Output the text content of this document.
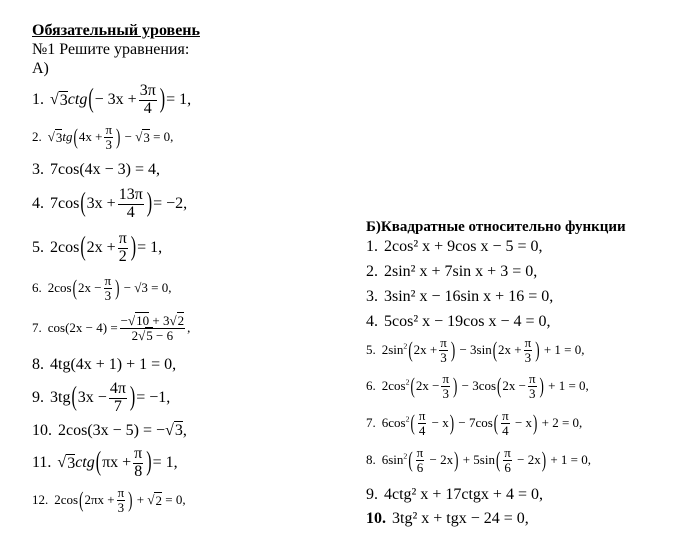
Обязательный уровень
№1 Решите уравнения:
А)
Б)Квадратные относительно функции
1. √ 3 ctg ( − $3x + \frac{3\pi}{4}$ ) = 1,
2. √ 3 tg ( $4x + \frac{\pi}{3}$ ) − √ 3
= 0,
3. 7cos(4x − 3) = 4,
4. 7cos ( $3x + \frac{13\pi}{4}$ ) = −2,
5. 2cos ( $2x + \frac{\pi}{2}$ ) = 1,
6. 2cos ( $2x - \frac{\pi}{3}$ ) − √3 = 0,
7. $\cos(2x - 4) = \frac{-√10 + 3√2}{2√5 - 6}$ ,
8. 4tg(4x + 1) + 1 = 0,
9. 3tg ( $3x - \frac{4\pi}{7}$ ) = −1,
10. 2cos(3x − 5) = − √ 3 ,
11. √ 3 ctg ( $\pi x + \frac{\pi}{8}$ ) = 1,
12. 2cos ( $2\pi x + \frac{\pi}{3}$ ) + √ 2
= 0,
1. 2cos² x + 9cos x − 5 = 0,
2. 2sin² x + 7sin x + 3 = 0,
3. 3sin² x − 16sin x + 16 = 0,
4. 5cos² x − 19cos x − 4 = 0,
5. $2\sin^2$ ( $2x + \frac{\pi}{3}$ ) − 3sin ( $2x + \frac{\pi}{3}$ )
+ 1 = 0,
6. $2\cos^2$ ( $2x - \frac{\pi}{3}$ ) − 3cos ( $2x - \frac{\pi}{3}$ )
+ 1 = 0,
7. $6\cos^2$ ( π
4 − x ) − 7cos ( π
4 − x )
+ 2 = 0,
8. $6\sin^2$ ( π
6 − 2x ) + 5sin ( π
6 − 2x )
+ 1 = 0,
9. 4ctg² x + 17ctgx + 4 = 0,
10. 3tg² x + tgx − 24 = 0,
